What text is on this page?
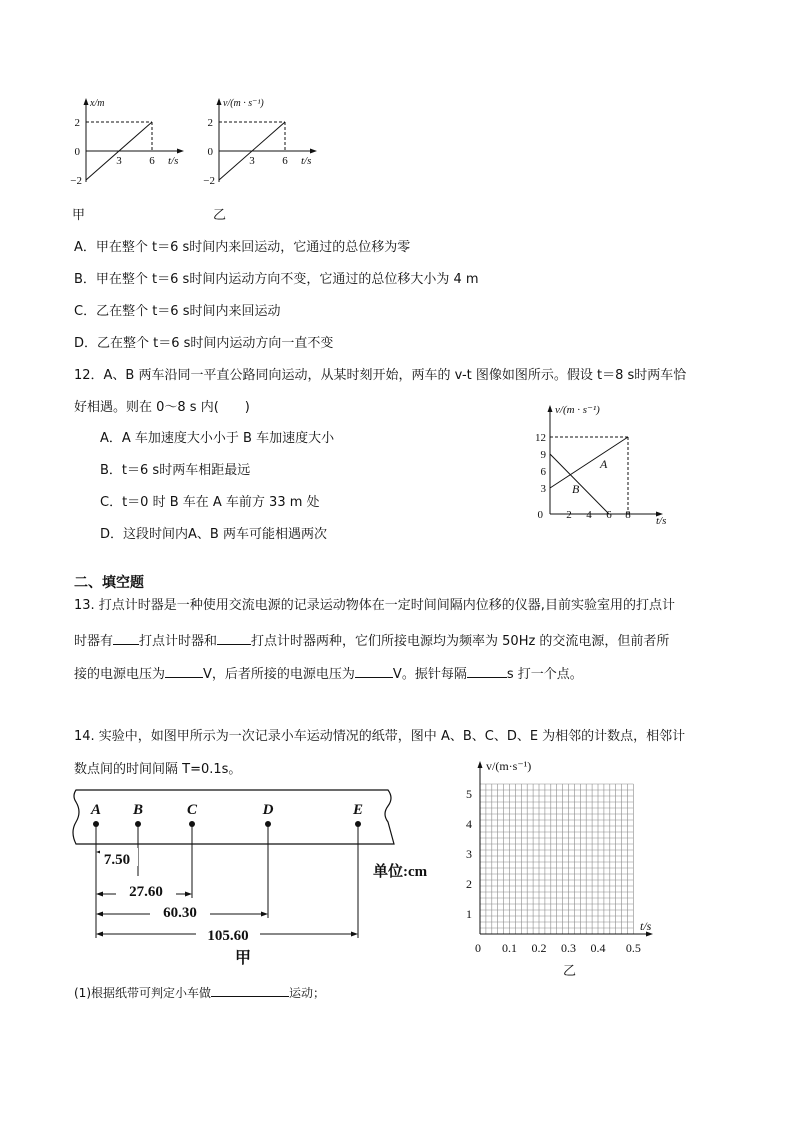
x/m
2
0
−2
3	6 t/s
v/(m · s⁻¹)
2
0
−2
3	6 t/s
甲	乙
A．甲在整个 t＝6 s时间内来回运动，它通过的总位移为零
B．甲在整个 t＝6 s时间内运动方向不变，它通过的总位移大小为 4 m
C．乙在整个 t＝6 s时间内来回运动
D．乙在整个 t＝6 s时间内运动方向一直不变
12．A、B 两车沿同一平直公路同向运动，从某时刻开始，两车的 v-t 图像如图所示。假设 t＝8 s时两车恰
好相遇。则在 0～8 s 内(　　)
A．A 车加速度大小小于 B 车加速度大小
B．t＝6 s时两车相距最远
C．t＝0 时 B 车在 A 车前方 33 m 处
D．这段时间内A、B 两车可能相遇两次
v/(m · s⁻¹)
12
9
6
3
0 2 4 6 8 t/s
A
B
二、填空题
13. 打点计时器是一种使用交流电源的记录运动物体在一定时间间隔内位移的仪器,目前实验室用的打点计
时器有 打点计时器和	打点计时器两种，它们所接电源均为频率为 50Hz 的交流电源，但前者所
接的电源电压为	V，后者所接的电源电压为	V。振针每隔	s 打一个点。
14. 实验中，如图甲所示为一次记录小车运动情况的纸带，图中 A、B、C、D、E 为相邻的计数点，相邻计
数点间的时间间隔 T=0.1s。
A B	C	D	E
7.50
27.60
60.30
105.60
单位:cm
甲
v/(m·s⁻¹)
5
4
3
2
1
0 0.1 0.2 0.3 0.4 0.5
t/s
乙
(1)根据纸带可判定小车做	运动；
